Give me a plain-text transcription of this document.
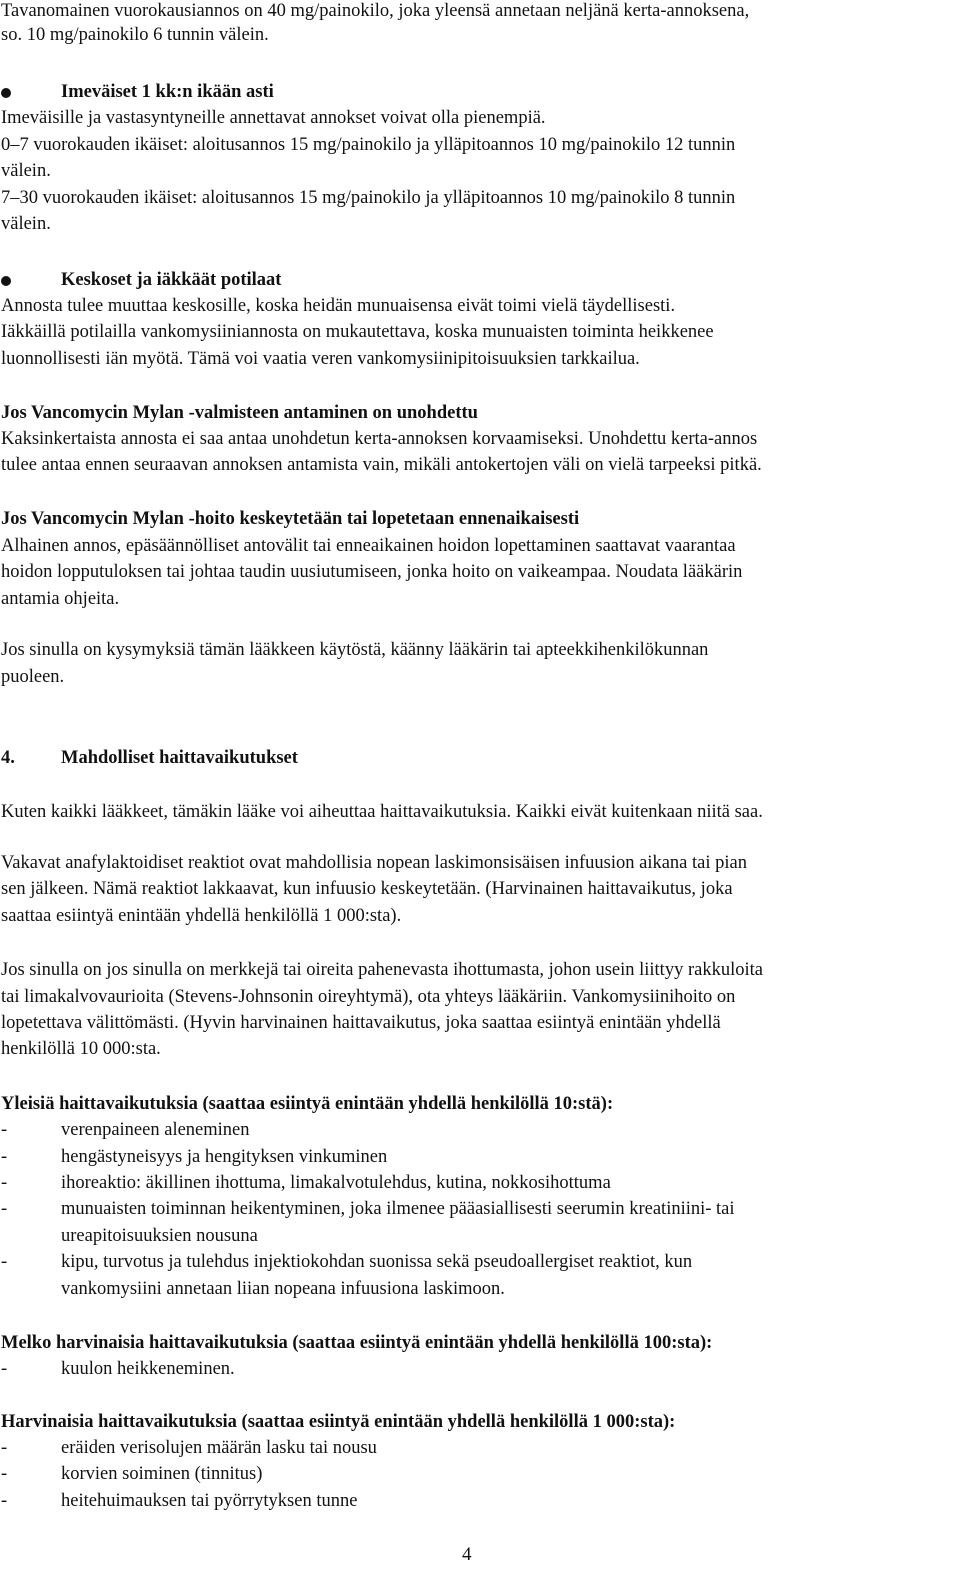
Tavanomainen vuorokausiannos on 40 mg/painokilo, joka yleensä annetaan neljänä kerta-annoksena,
so. 10 mg/painokilo 6 tunnin välein.
Imeväiset 1 kk:n ikään asti
Imeväisille ja vastasyntyneille annettavat annokset voivat olla pienempiä.
0–7 vuorokauden ikäiset: aloitusannos 15 mg/painokilo ja ylläpitoannos 10 mg/painokilo 12 tunnin
välein.
7–30 vuorokauden ikäiset: aloitusannos 15 mg/painokilo ja ylläpitoannos 10 mg/painokilo 8 tunnin
välein.
Keskoset ja iäkkäät potilaat
Annosta tulee muuttaa keskosille, koska heidän munuaisensa eivät toimi vielä täydellisesti.
Iäkkäillä potilailla vankomysiiniannosta on mukautettava, koska munuaisten toiminta heikkenee
luonnollisesti iän myötä. Tämä voi vaatia veren vankomysiinipitoisuuksien tarkkailua.
Jos Vancomycin Mylan -valmisteen antaminen on unohdettu
Kaksinkertaista annosta ei saa antaa unohdetun kerta-annoksen korvaamiseksi. Unohdettu kerta-annos
tulee antaa ennen seuraavan annoksen antamista vain, mikäli antokertojen väli on vielä tarpeeksi pitkä.
Jos Vancomycin Mylan -hoito keskeytetään tai lopetetaan ennenaikaisesti
Alhainen annos, epäsäännölliset antovälit tai enneaikainen hoidon lopettaminen saattavat vaarantaa
hoidon lopputuloksen tai johtaa taudin uusiutumiseen, jonka hoito on vaikeampaa. Noudata lääkärin
antamia ohjeita.
Jos sinulla on kysymyksiä tämän lääkkeen käytöstä, käänny lääkärin tai apteekkihenkilökunnan
puoleen.
4. Mahdolliset haittavaikutukset
Kuten kaikki lääkkeet, tämäkin lääke voi aiheuttaa haittavaikutuksia. Kaikki eivät kuitenkaan niitä saa.
Vakavat anafylaktoidiset reaktiot ovat mahdollisia nopean laskimonsisäisen infuusion aikana tai pian
sen jälkeen. Nämä reaktiot lakkaavat, kun infuusio keskeytetään. (Harvinainen haittavaikutus, joka
saattaa esiintyä enintään yhdellä henkilöllä 1 000:sta).
Jos sinulla on jos sinulla on merkkejä tai oireita pahenevasta ihottumasta, johon usein liittyy rakkuloita
tai limakalvovaurioita (Stevens-Johnsonin oireyhtymä), ota yhteys lääkäriin. Vankomysiinihoito on
lopetettava välittömästi. (Hyvin harvinainen haittavaikutus, joka saattaa esiintyä enintään yhdellä
henkilöllä 10 000:sta.
Yleisiä haittavaikutuksia (saattaa esiintyä enintään yhdellä henkilöllä 10:stä):
-	verenpaineen aleneminen
-	hengästyneisyys ja hengityksen vinkuminen
-	ihoreaktio: äkillinen ihottuma, limakalvotulehdus, kutina, nokkosihottuma
-	munuaisten toiminnan heikentyminen, joka ilmenee pääasiallisesti seerumin kreatiniini- tai
ureapitoisuuksien nousuna
-	kipu, turvotus ja tulehdus injektiokohdan suonissa sekä pseudoallergiset reaktiot, kun
vankomysiini annetaan liian nopeana infuusiona laskimoon.
Melko harvinaisia haittavaikutuksia (saattaa esiintyä enintään yhdellä henkilöllä 100:sta):
-	kuulon heikkeneminen.
Harvinaisia haittavaikutuksia (saattaa esiintyä enintään yhdellä henkilöllä 1 000:sta):
-	eräiden verisolujen määrän lasku tai nousu
-	korvien soiminen (tinnitus)
-	heitehuimauksen tai pyörrytyksen tunne
4
